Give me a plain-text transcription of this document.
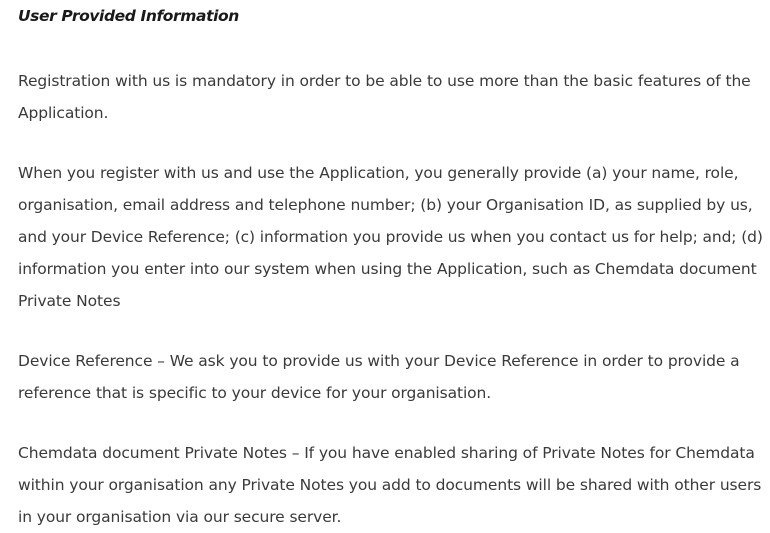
User Provided Information

Registration with us is mandatory in order to be able to use more than the basic features of the
Application.

When you register with us and use the Application, you generally provide (a) your name, role,
organisation, email address and telephone number; (b) your Organisation ID, as supplied by us,
and your Device Reference; (c) information you provide us when you contact us for help; and; (d)
information you enter into our system when using the Application, such as Chemdata document
Private Notes

Device Reference – We ask you to provide us with your Device Reference in order to provide a
reference that is specific to your device for your organisation.

Chemdata document Private Notes – If you have enabled sharing of Private Notes for Chemdata
within your organisation any Private Notes you add to documents will be shared with other users
in your organisation via our secure server.
